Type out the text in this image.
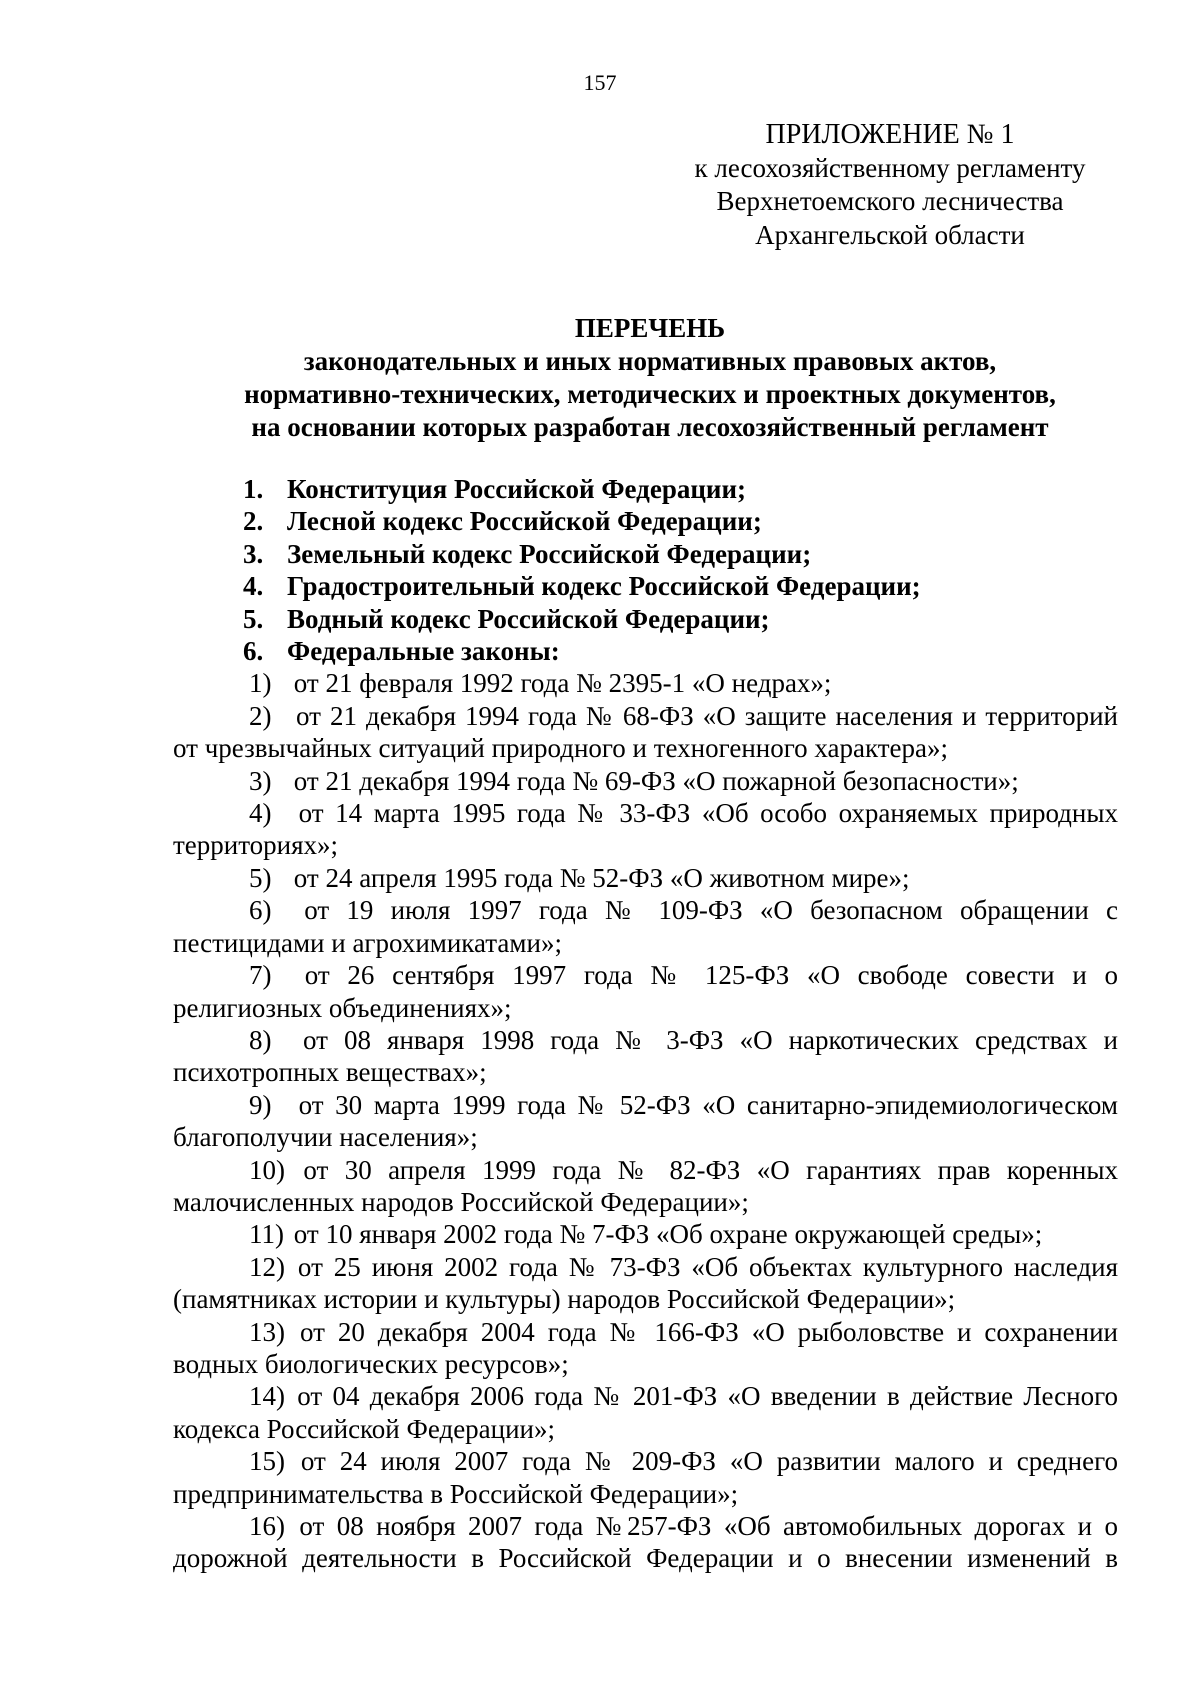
157
ПРИЛОЖЕНИЕ № 1
к лесохозяйственному регламенту
Верхнетоемского лесничества
Архангельской области
ПЕРЕЧЕНЬ
законодательных и иных нормативных правовых актов,
нормативно-технических, методических и проектных документов,
на основании которых разработан лесохозяйственный регламент
1. Конституция Российской Федерации;
2. Лесной кодекс Российской Федерации;
3. Земельный кодекс Российской Федерации;
4. Градостроительный кодекс Российской Федерации;
5. Водный кодекс Российской Федерации;
6. Федеральные законы:
1) от 21 февраля 1992 года № 2395-1 «О недрах»;
2) от 21 декабря 1994 года № 68-ФЗ «О защите населения и территорий от чрезвычайных ситуаций природного и техногенного характера»;
3) от 21 декабря 1994 года № 69-ФЗ «О пожарной безопасности»;
4) от 14 марта 1995 года № 33-ФЗ «Об особо охраняемых природных территориях»;
5) от 24 апреля 1995 года № 52-ФЗ «О животном мире»;
6) от 19 июля 1997 года № 109-ФЗ «О безопасном обращении с пестицидами и агрохимикатами»;
7) от 26 сентября 1997 года № 125-ФЗ «О свободе совести и о религиозных объединениях»;
8) от 08 января 1998 года № 3-ФЗ «О наркотических средствах и психотропных веществах»;
9) от 30 марта 1999 года № 52-ФЗ «О санитарно-эпидемиологическом благополучии населения»;
10) от 30 апреля 1999 года № 82-ФЗ «О гарантиях прав коренных малочисленных народов Российской Федерации»;
11) от 10 января 2002 года № 7-ФЗ «Об охране окружающей среды»;
12) от 25 июня 2002 года № 73-ФЗ «Об объектах культурного наследия (памятниках истории и культуры) народов Российской Федерации»;
13) от 20 декабря 2004 года № 166-ФЗ «О рыболовстве и сохранении водных биологических ресурсов»;
14) от 04 декабря 2006 года № 201-ФЗ «О введении в действие Лесного кодекса Российской Федерации»;
15) от 24 июля 2007 года № 209-ФЗ «О развитии малого и среднего предпринимательства в Российской Федерации»;
16) от 08 ноября 2007 года №257-ФЗ «Об автомобильных дорогах и о дорожной деятельности в Российской Федерации и о внесении изменений в
